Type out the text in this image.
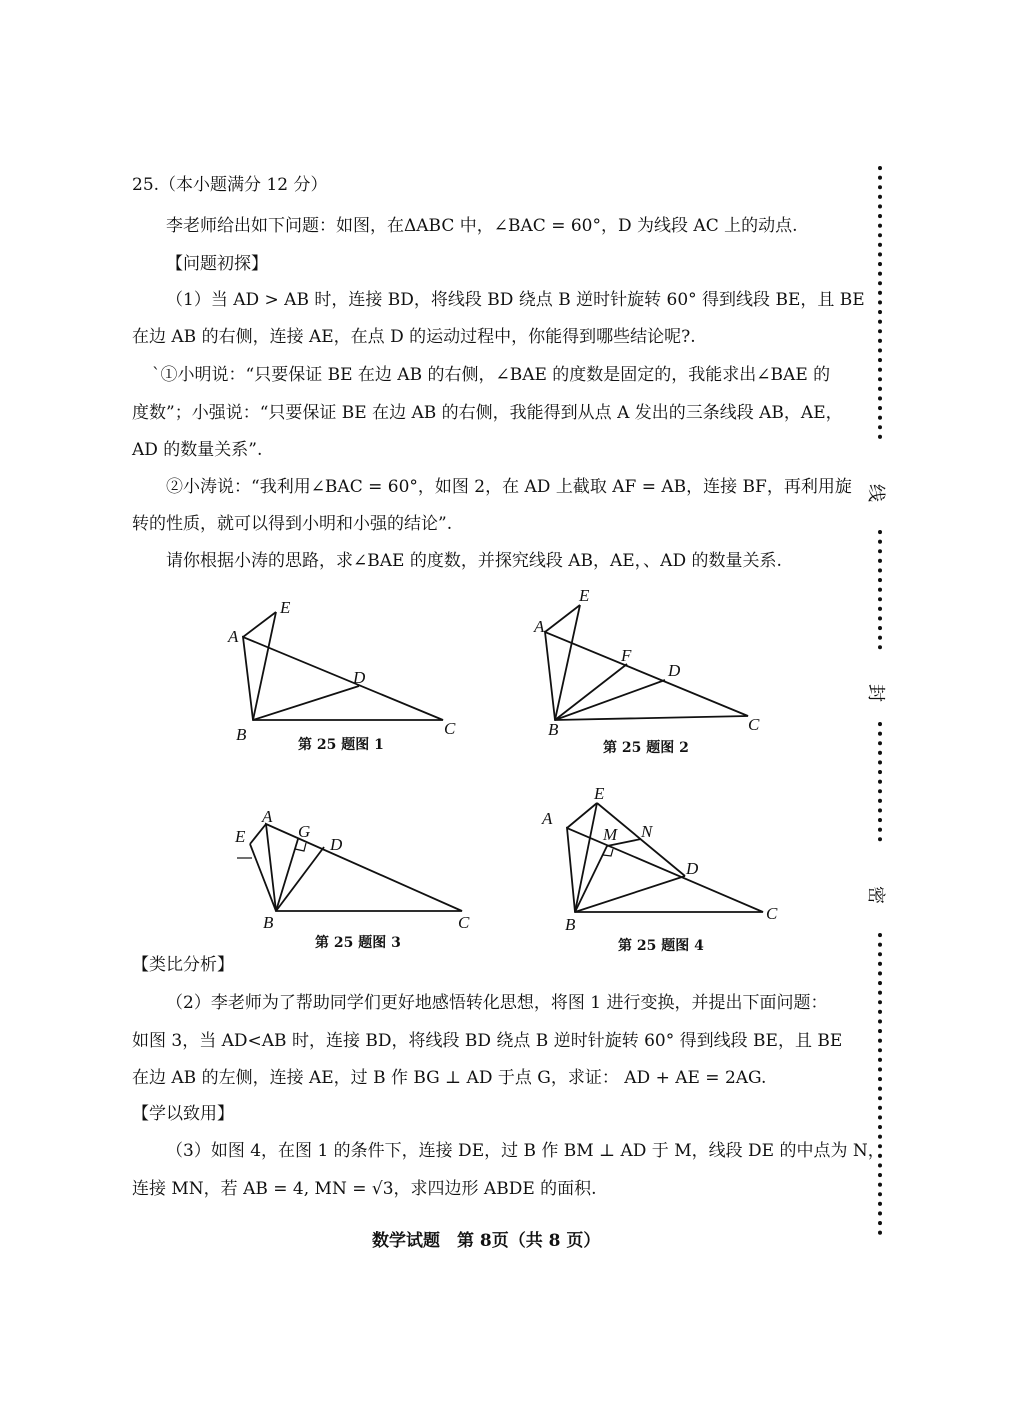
25.（本小题满分 12 分）
李老师给出如下问题：如图，在ΔABC 中，∠BAC = 60°，D 为线段 AC 上的动点.
【问题初探】
（1）当 AD > AB 时，连接 BD，将线段 BD 绕点 B 逆时针旋转 60° 得到线段 BE，且 BE
在边 AB 的右侧，连接 AE，在点 D 的运动过程中，你能得到哪些结论呢?.
`①小明说：“只要保证 BE 在边 AB 的右侧，∠BAE 的度数是固定的，我能求出∠BAE 的
度数”；小强说：“只要保证 BE 在边 AB 的右侧，我能得到从点 A 发出的三条线段 AB，AE，
AD 的数量关系”.
②小涛说：“我利用∠BAC = 60°，如图 2，在 AD 上截取 AF = AB，连接 BF，再利用旋
转的性质，就可以得到小明和小强的结论”.
请你根据小涛的思路，求∠BAE 的度数，并探究线段 AB，AE，、AD 的数量关系.
A
E
D
B	C
A
E
F
D
B	C
A
E	G
D
B	C
A
E
M N
D
B
C
第 25 题图 1	第 25 题图 2
第 25 题图 3	第 25 题图 4
【类比分析】
（2）李老师为了帮助同学们更好地感悟转化思想，将图 1 进行变换，并提出下面问题：
如图 3，当 AD<AB 时，连接 BD，将线段 BD 绕点 B 逆时针旋转 60° 得到线段 BE，且 BE
在边 AB 的左侧，连接 AE，过 B 作 BG ⊥ AD 于点 G，求证： AD + AE = 2AG.
【学以致用】
（3）如图 4，在图 1 的条件下，连接 DE，过 B 作 BM ⊥ AD 于 M，线段 DE 的中点为 N，
连接 MN，若 AB = 4, MN = √3，求四边形 ABDE 的面积.
数学试题　第 8页（共 8 页）
线
封
密
